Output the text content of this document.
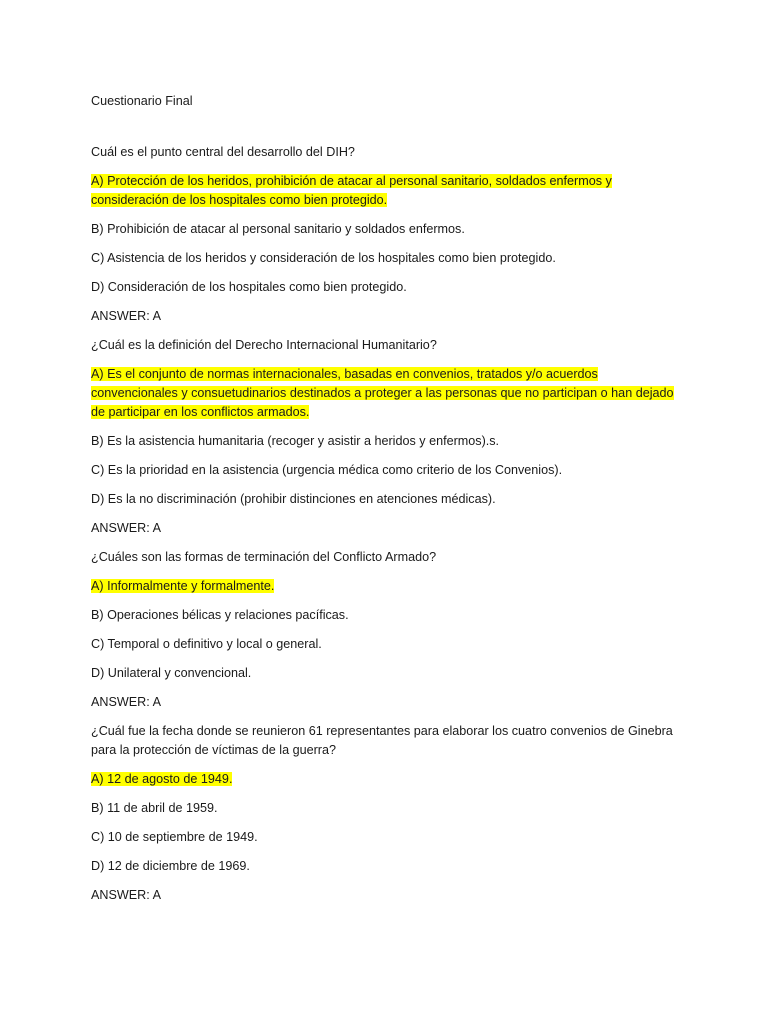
Cuestionario Final

Cuál es el punto central del desarrollo del DIH?

A) Protección de los heridos, prohibición de atacar al personal sanitario, soldados enfermos y consideración de los hospitales como bien protegido.

B) Prohibición de atacar al personal sanitario y soldados enfermos.

C) Asistencia de los heridos y consideración de los hospitales como bien protegido.

D) Consideración de los hospitales como bien protegido.

ANSWER: A

¿Cuál es la definición del Derecho Internacional Humanitario?

A) Es el conjunto de normas internacionales, basadas en convenios, tratados y/o acuerdos convencionales y consuetudinarios destinados a proteger a las personas que no participan o han dejado de participar en los conflictos armados.

B) Es la asistencia humanitaria (recoger y asistir a heridos y enfermos).s.

C) Es la prioridad en la asistencia (urgencia médica como criterio de los Convenios).

D) Es la no discriminación (prohibir distinciones en atenciones médicas).

ANSWER: A

¿Cuáles son las formas de terminación del Conflicto Armado?

A) Informalmente y formalmente.

B) Operaciones bélicas y relaciones pacíficas.

C) Temporal o definitivo y local o general.

D) Unilateral y convencional.

ANSWER: A

¿Cuál fue la fecha donde se reunieron 61 representantes para elaborar los cuatro convenios de Ginebra para la protección de víctimas de la guerra?

A) 12 de agosto de 1949.

B) 11 de abril de 1959.

C) 10 de septiembre de 1949.

D) 12 de diciembre de 1969.

ANSWER: A
